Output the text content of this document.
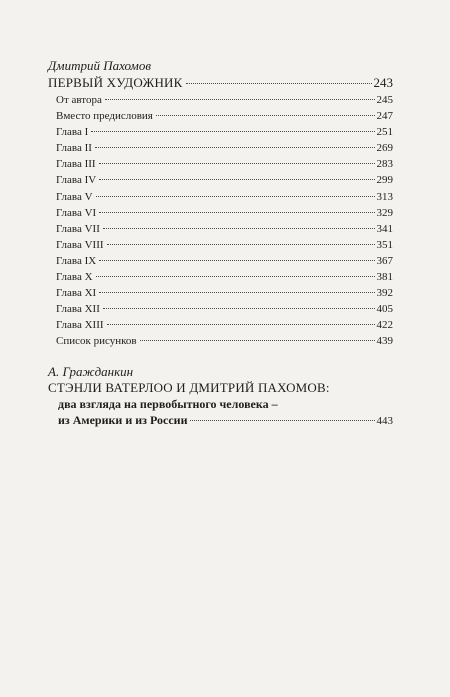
Дмитрий Пахомов

ПЕРВЫЙ ХУДОЖНИК	243
От автора	245
Вместо предисловия	247
Глава I	251
Глава II	269
Глава III	283
Глава IV	299
Глава V	313
Глава VI	329
Глава VII	341
Глава VIII	351
Глава IX	367
Глава X	381
Глава XI	392
Глава XII	405
Глава XIII	422
Список рисунков	439

А. Гражданкин

СТЭНЛИ ВАТЕРЛОО И ДМИТРИЙ ПАХОМОВ:

два взгляда на первобытного человека –
из Америки и из России	443
